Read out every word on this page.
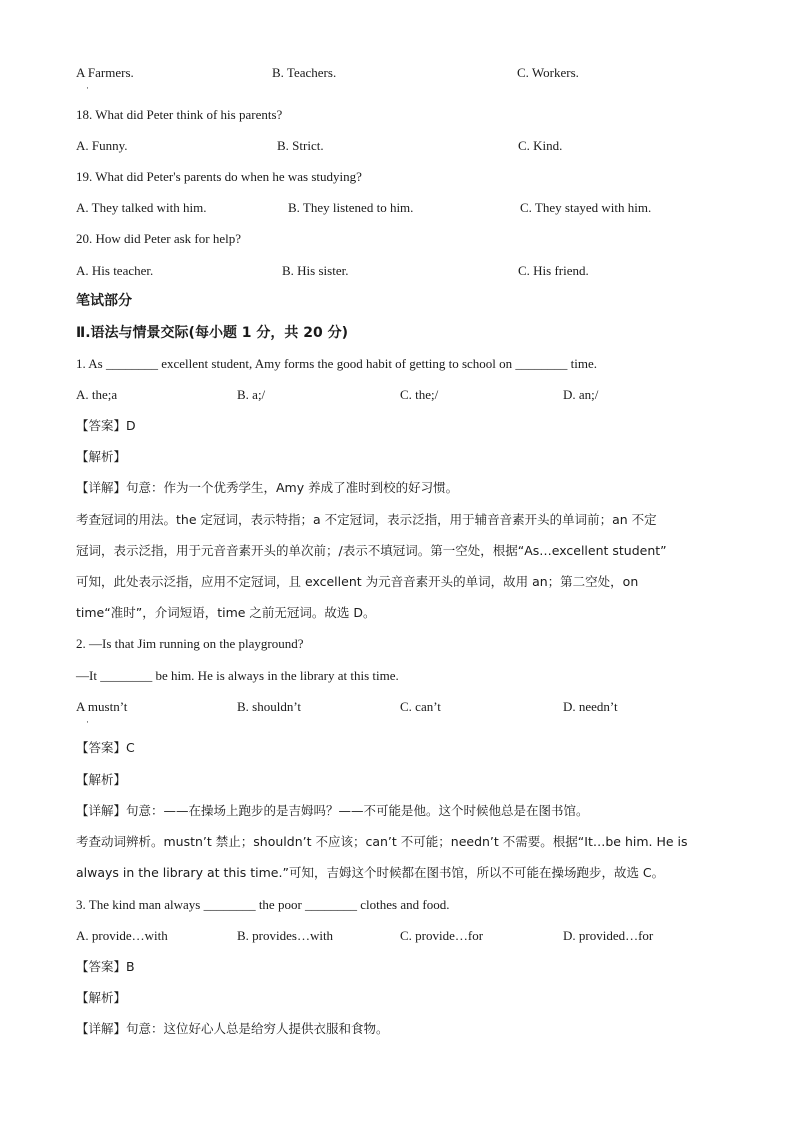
A Farmers.
·
B. Teachers.	C. Workers.
18. What did Peter think of his parents?
A. Funny.	B. Strict.	C. Kind.
19. What did Peter's parents do when he was studying?
A. They talked with him.	B. They listened to him.	C. They stayed with him.
20. How did Peter ask for help?
A. His teacher.	B. His sister.	C. His friend.
笔试部分
Ⅱ.语法与情景交际(每小题 1 分，共 20 分)
1. As ________ excellent student, Amy forms the good habit of getting to school on ________ time.
A. the;a	B. a;/	C. the;/	D. an;/
【答案】D
【解析】
【详解】句意：作为一个优秀学生，Amy 养成了准时到校的好习惯。
考查冠词的用法。the 定冠词，表示特指；a 不定冠词，表示泛指，用于辅音音素开头的单词前；an 不定
冠词，表示泛指，用于元音音素开头的单次前；/表示不填冠词。第一空处，根据“As…excellent student”
可知，此处表示泛指，应用不定冠词，且 excellent 为元音音素开头的单词，故用 an；第二空处，on
time“准时”，介词短语，time 之前无冠词。故选 D。
2. —Is that Jim running on the playground?
—It ________ be him. He is always in the library at this time.
A mustn’t
·
B. shouldn’t	C. can’t	D. needn’t
【答案】C
【解析】
【详解】句意：——在操场上跑步的是吉姆吗？——不可能是他。这个时候他总是在图书馆。
考查动词辨析。mustn’t 禁止；shouldn’t 不应该；can’t 不可能；needn’t 不需要。根据“It…be him. He is
always in the library at this time.”可知，吉姆这个时候都在图书馆，所以不可能在操场跑步，故选 C。
3. The kind man always ________ the poor ________ clothes and food.
A. provide…with	B. provides…with	C. provide…for	D. provided…for
【答案】B
【解析】
【详解】句意：这位好心人总是给穷人提供衣服和食物。
